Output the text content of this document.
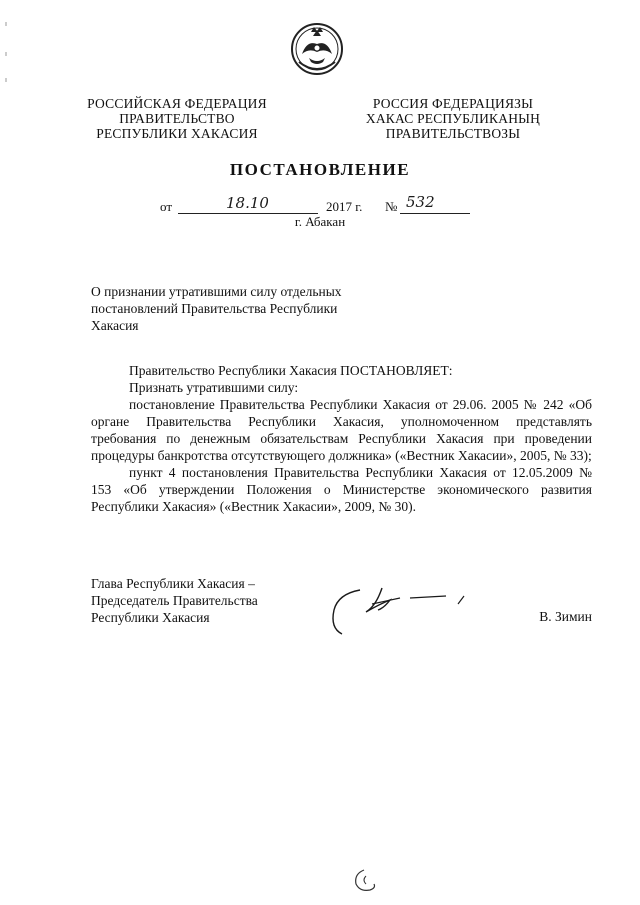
РОССИЙСКАЯ ФЕДЕРАЦИЯ
ПРАВИТЕЛЬСТВО
РЕСПУБЛИКИ ХАКАСИЯ
РОССИЯ ФЕДЕРАЦИЯЗЫ
ХАКАС РЕСПУБЛИКАНЫҢ
ПРАВИТЕЛЬСТВОЗЫ
ПОСТАНОВЛЕНИЕ
от	18.10	2017 г. № 532
г. Абакан
О признании утратившими силу отдельных
постановлений Правительства Республики
Хакасия
Правительство Республики Хакасия ПОСТАНОВЛЯЕТ:
Признать утратившими силу:
постановление Правительства Республики Хакасия от 29.06. 2005 № 242 «Об органе Правительства Республики Хакасия, уполномоченном представлять требования по денежным обязательствам Республики Хакасия при проведении процедуры банкротства отсутствующего должника» («Вестник Хакасии», 2005, № 33);
пункт 4 постановления Правительства Республики Хакасия от 12.05.2009 № 153 «Об утверждении Положения о Министерстве экономического развития Республики Хакасия» («Вестник Хакасии», 2009, № 30).
Глава Республики Хакасия –
Председатель Правительства
Республики Хакасия	В. Зимин
